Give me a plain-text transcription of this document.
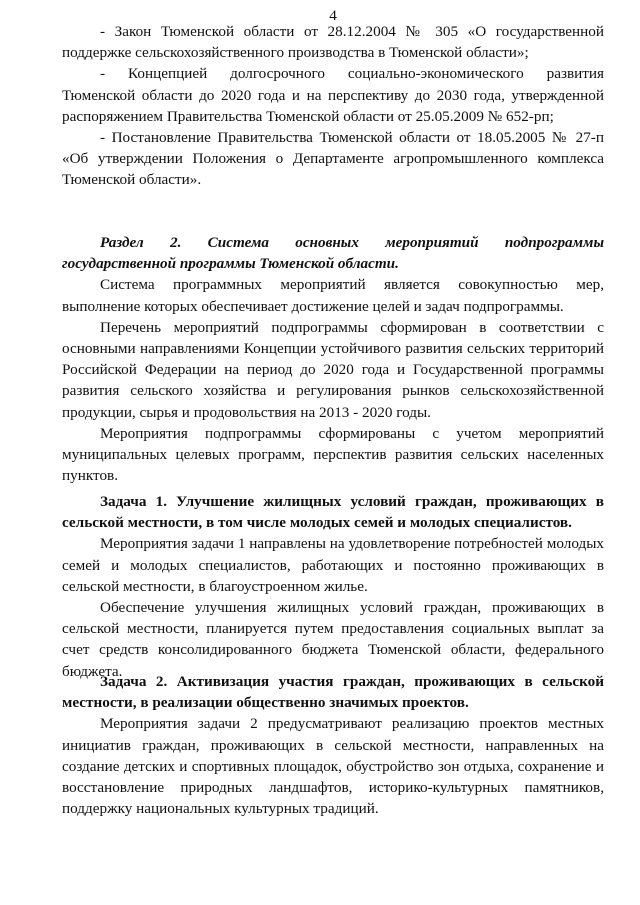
4

- Закон Тюменской области от 28.12.2004 № 305 «О государственной поддержке сельскохозяйственного производства в Тюменской области»;

- Концепцией долгосрочного социально-экономического развития Тюменской области до 2020 года и на перспективу до 2030 года, утвержденной распоряжением Правительства Тюменской области от 25.05.2009 № 652-рп;

- Постановление Правительства Тюменской области от 18.05.2005 № 27-п «Об утверждении Положения о Департаменте агропромышленного комплекса Тюменской области».

Раздел 2. Система основных мероприятий подпрограммы государственной программы Тюменской области.

Система программных мероприятий является совокупностью мер, выполнение которых обеспечивает достижение целей и задач подпрограммы.

Перечень мероприятий подпрограммы сформирован в соответствии с основными направлениями Концепции устойчивого развития сельских территорий Российской Федерации на период до 2020 года и Государственной программы развития сельского хозяйства и регулирования рынков сельскохозяйственной продукции, сырья и продовольствия на 2013 - 2020 годы.

Мероприятия подпрограммы сформированы с учетом мероприятий муниципальных целевых программ, перспектив развития сельских населенных пунктов.

Задача 1. Улучшение жилищных условий граждан, проживающих в сельской местности, в том числе молодых семей и молодых специалистов.

Мероприятия задачи 1 направлены на удовлетворение потребностей молодых семей и молодых специалистов, работающих и постоянно проживающих в сельской местности, в благоустроенном жилье.

Обеспечение улучшения жилищных условий граждан, проживающих в сельской местности, планируется путем предоставления социальных выплат за счет средств консолидированного бюджета Тюменской области, федерального бюджета.

Задача 2. Активизация участия граждан, проживающих в сельской местности, в реализации общественно значимых проектов.

Мероприятия задачи 2 предусматривают реализацию проектов местных инициатив граждан, проживающих в сельской местности, направленных на создание детских и спортивных площадок, обустройство зон отдыха, сохранение и восстановление природных ландшафтов, историко-культурных памятников, поддержку национальных культурных традиций.
